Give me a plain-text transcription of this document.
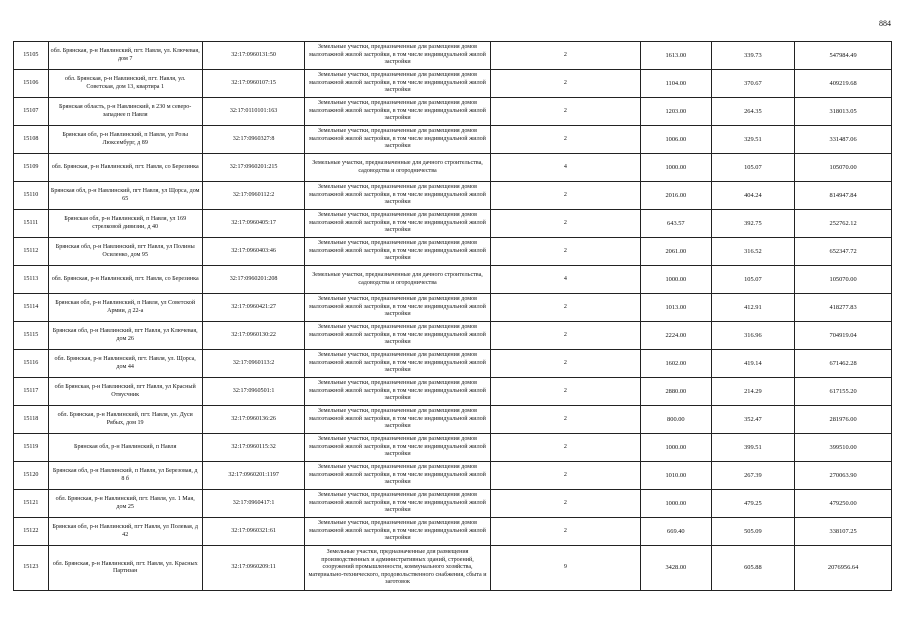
884
15105	обл. Брянская, р-н Навлинский, пгт. Навля, ул. Ключевая, дом 7	32:17:0960131:50	Земельные участки, предназначенные для размещения домов малоэтажной жилой застройки, в том числе индивидуальной жилой застройки	2	1613.00	339.73	547984.49
15106	обл. Брянская, р-н Навлинский, пгт. Навля, ул. Советская, дом 13, квартира 1	32:17:0960107:15	Земельные участки, предназначенные для размещения домов малоэтажной жилой застройки, в том числе индивидуальной жилой застройки	2	1104.00	370.67	409219.68
15107	Брянская область, р-н Навлинский, в 230 м северо-западнее п Навля	32:17:0110101:163	Земельные участки, предназначенные для размещения домов малоэтажной жилой застройки, в том числе индивидуальной жилой застройки	2	1203.00	264.35	318013.05
15108	Брянская обл, р-н Навлинский, п Навля, ул Розы Люксембург, д 89	32:17:0960327:8	Земельные участки, предназначенные для размещения домов малоэтажной жилой застройки, в том числе индивидуальной жилой застройки	2	1006.00	329.51	331487.06
15109	обл. Брянская, р-н Навлинский, пгт. Навля, со Березинка	32:17:0960201:215	Земельные участки, предназначенные для дачного строительства, садоводства и огородничества	4	1000.00	105.07	105070.00
15110	Брянская обл, р-н Навлинский, пгт Навля, ул Щорса, дом 65	32:17:0960112:2	Земельные участки, предназначенные для размещения домов малоэтажной жилой застройки, в том числе индивидуальной жилой застройки	2	2016.00	404.24	814947.84
15111	Брянская обл, р-н Навлинский, п Навля, ул 169 стрелковой дивизии, д 40	32:17:0960405:17	Земельные участки, предназначенные для размещения домов малоэтажной жилой застройки, в том числе индивидуальной жилой застройки	2	643.57	392.75	252762.12
15112	Брянская обл, р-н Навлинский, пгт Навля, ул Полины Осиленко, дом 95	32:17:0960403:46	Земельные участки, предназначенные для размещения домов малоэтажной жилой застройки, в том числе индивидуальной жилой застройки	2	2061.00	316.52	652347.72
15113	обл. Брянская, р-н Навлинский, пгт. Навля, со Березинка	32:17:0960201:208	Земельные участки, предназначенные для дачного строительства, садоводства и огородничества	4	1000.00	105.07	105070.00
15114	Брянская обл, р-н Навлинский, п Навля, ул Советской Армии, д 22-а	32:17:0960421:27	Земельные участки, предназначенные для размещения домов малоэтажной жилой застройки, в том числе индивидуальной жилой застройки	2	1013.00	412.91	418277.83
15115	Брянская обл, р-н Навлинский, пгт Навля, ул Ключевая, дом 26	32:17:0960130:22	Земельные участки, предназначенные для размещения домов малоэтажной жилой застройки, в том числе индивидуальной жилой застройки	2	2224.00	316.96	704919.04
15116	обл. Брянская, р-н Навлинский, пгт. Навля, ул. Щорса, дом 44	32:17:0960113:2	Земельные участки, предназначенные для размещения домов малоэтажной жилой застройки, в том числе индивидуальной жилой застройки	2	1602.00	419.14	671462.28
15117	обл Брянская, р-н Навлинский, пгт Навля, ул Красный Отвусчник	32:17:0960501:1	Земельные участки, предназначенные для размещения домов малоэтажной жилой застройки, в том числе индивидуальной жилой застройки	2	2880.00	214.29	617155.20
15118	обл. Брянская, р-н Навлинский, пгт. Навля, ул. Дуси Рябых, дом 19	32:17:0960136:26	Земельные участки, предназначенные для размещения домов малоэтажной жилой застройки, в том числе индивидуальной жилой застройки	2	800.00	352.47	281976.00
15119	Брянская обл, р-н Навлинский, п Навля	32:17:0960115:32	Земельные участки, предназначенные для размещения домов малоэтажной жилой застройки, в том числе индивидуальной жилой застройки	2	1000.00	399.51	399510.00
15120	Брянская обл, р-н Навлинский, п Навля, ул Березовая, д 8 б	32:17:0960201:1197	Земельные участки, предназначенные для размещения домов малоэтажной жилой застройки, в том числе индивидуальной жилой застройки	2	1010.00	267.39	270063.90
15121	обл. Брянская, р-н Навлинский, пгт. Навля, ул. 1 Мая, дом 25	32:17:0960417:1	Земельные участки, предназначенные для размещения домов малоэтажной жилой застройки, в том числе индивидуальной жилой застройки	2	1000.00	479.25	479250.00
15122	Брянская обл, р-н Навлинский, пгт Навля, ул Полевая, д 42	32:17:0960321:61	Земельные участки, предназначенные для размещения домов малоэтажной жилой застройки, в том числе индивидуальной жилой застройки	2	669.40	505.09	338107.25
15123	обл. Брянская, р-н Навлинский, пгт. Навля, ул. Красных Партизан	32:17:0960209:11	Земельные участки, предназначенные для размещения производственных и административных зданий, строений, сооружений промышленности, коммунального хозяйства, материально-технического, продовольственного снабжения, сбыта и заготовок	9	3428.00	605.88	2076956.64
